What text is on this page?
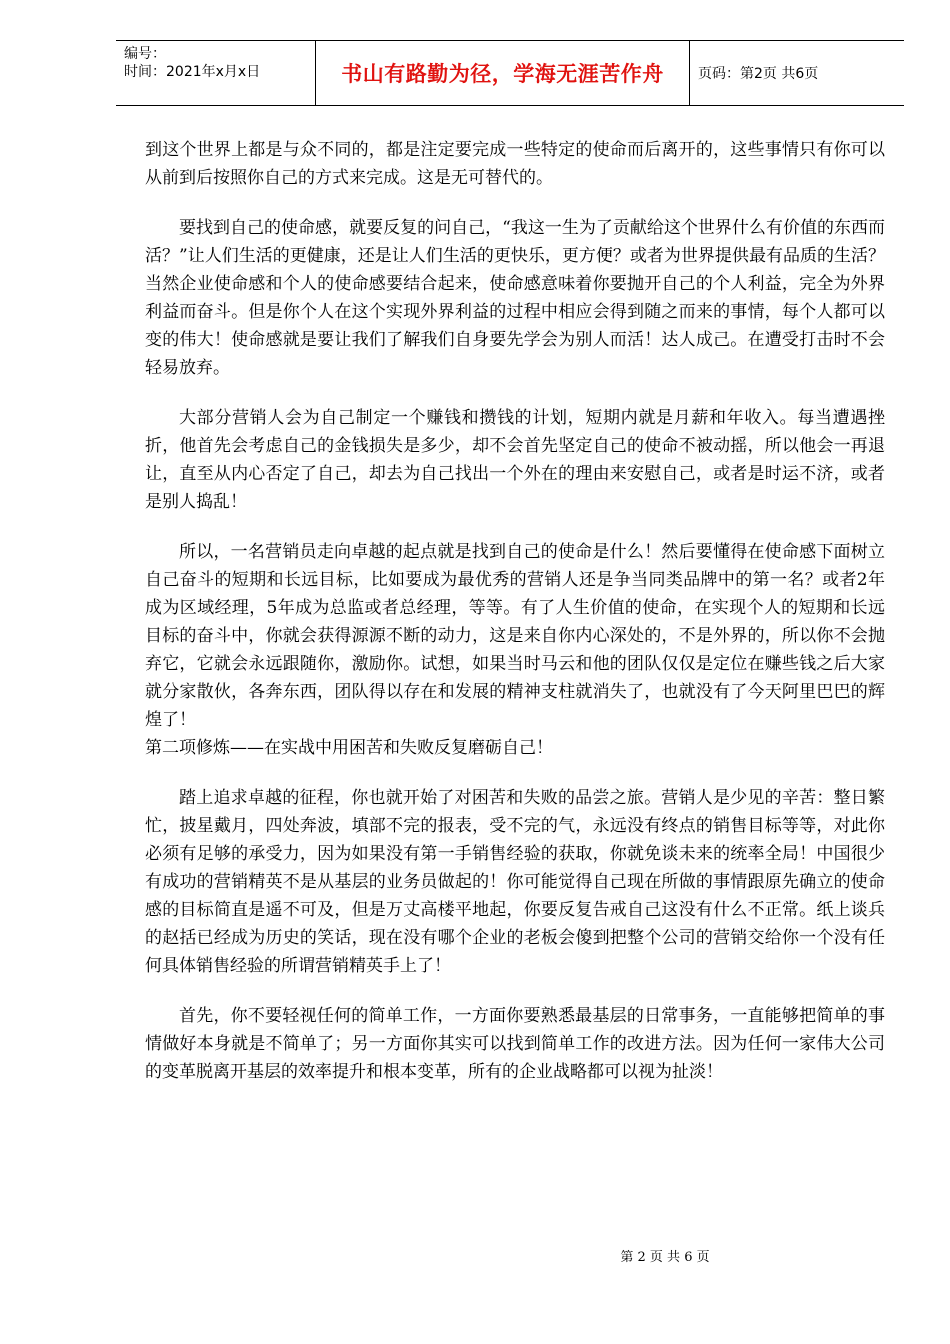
编号：
时间：2021年x月x日	书山有路勤为径，学海无涯苦作舟 页码：第2页 共6页

到这个世界上都是与众不同的，都是注定要完成一些特定的使命而后离开的，这些事情只有你可以从前到后按照你自己的方式来完成。这是无可替代的。

要找到自己的使命感，就要反复的问自己，“我这一生为了贡献给这个世界什么有价值的东西而活？”让人们生活的更健康，还是让人们生活的更快乐，更方便？或者为世界提供最有品质的生活？当然企业使命感和个人的使命感要结合起来，使命感意味着你要抛开自己的个人利益，完全为外界利益而奋斗。但是你个人在这个实现外界利益的过程中相应会得到随之而来的事情，每个人都可以变的伟大！使命感就是要让我们了解我们自身要先学会为别人而活！达人成己。在遭受打击时不会轻易放弃。

大部分营销人会为自己制定一个赚钱和攒钱的计划，短期内就是月薪和年收入。每当遭遇挫折，他首先会考虑自己的金钱损失是多少，却不会首先坚定自己的使命不被动摇，所以他会一再退让，直至从内心否定了自己，却去为自己找出一个外在的理由来安慰自己，或者是时运不济，或者是别人捣乱！

所以，一名营销员走向卓越的起点就是找到自己的使命是什么！然后要懂得在使命感下面树立自己奋斗的短期和长远目标，比如要成为最优秀的营销人还是争当同类品牌中的第一名？或者2年成为区域经理，5年成为总监或者总经理，等等。有了人生价值的使命，在实现个人的短期和长远目标的奋斗中，你就会获得源源不断的动力，这是来自你内心深处的，不是外界的，所以你不会抛弃它，它就会永远跟随你，激励你。试想，如果当时马云和他的团队仅仅是定位在赚些钱之后大家就分家散伙，各奔东西，团队得以存在和发展的精神支柱就消失了，也就没有了今天阿里巴巴的辉煌了！

第二项修炼——在实战中用困苦和失败反复磨砺自己！

踏上追求卓越的征程，你也就开始了对困苦和失败的品尝之旅。营销人是少见的辛苦：整日繁忙，披星戴月，四处奔波，填部不完的报表，受不完的气，永远没有终点的销售目标等等，对此你必须有足够的承受力，因为如果没有第一手销售经验的获取，你就免谈未来的统率全局！中国很少有成功的营销精英不是从基层的业务员做起的！你可能觉得自己现在所做的事情跟原先确立的使命感的目标简直是遥不可及，但是万丈高楼平地起，你要反复告戒自己这没有什么不正常。纸上谈兵的赵括已经成为历史的笑话，现在没有哪个企业的老板会傻到把整个公司的营销交给你一个没有任何具体销售经验的所谓营销精英手上了！

首先，你不要轻视任何的简单工作，一方面你要熟悉最基层的日常事务，一直能够把简单的事情做好本身就是不简单了；另一方面你其实可以找到简单工作的改进方法。因为任何一家伟大公司的变革脱离开基层的效率提升和根本变革，所有的企业战略都可以视为扯淡！

第 2 页 共 6 页
